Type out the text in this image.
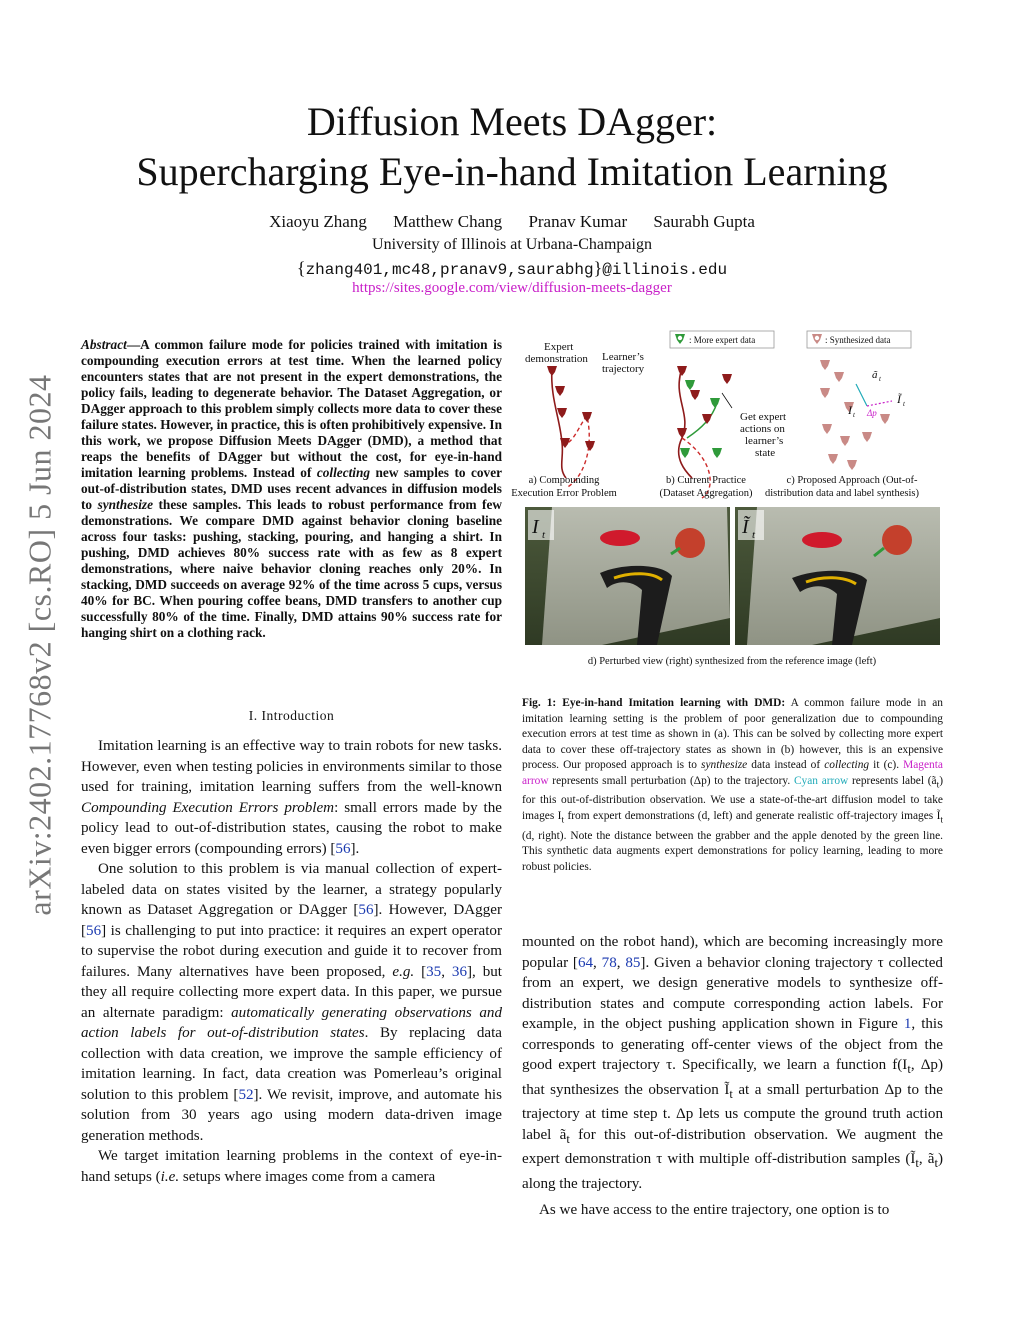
arXiv:2402.17768v2 [cs.RO] 5 Jun 2024
Diffusion Meets DAgger:
Supercharging Eye-in-hand Imitation Learning
Xiaoyu Zhang Matthew Chang Pranav Kumar Saurabh Gupta
University of Illinois at Urbana-Champaign
{zhang401,mc48,pranav9,saurabhg}@illinois.edu
https://sites.google.com/view/diffusion-meets-dagger
Abstract—A common failure mode for policies trained with imitation is compounding execution errors at test time. When the learned policy encounters states that are not present in the expert demonstrations, the policy fails, leading to degenerate behavior. The Dataset Aggregation, or DAgger approach to this problem simply collects more data to cover these failure states. However, in practice, this is often prohibitively expensive. In this work, we propose Diffusion Meets DAgger (DMD), a method that reaps the benefits of DAgger but without the cost, for eye-in-hand imitation learning problems. Instead of collecting new samples to cover out-of-distribution states, DMD uses recent advances in diffusion models to synthesize these samples. This leads to robust performance from few demonstrations. We compare DMD against behavior cloning baseline across four tasks: pushing, stacking, pouring, and hanging a shirt. In pushing, DMD achieves 80% success rate with as few as 8 expert demonstrations, where naive behavior cloning reaches only 20%. In stacking, DMD succeeds on average 92% of the time across 5 cups, versus 40% for BC. When pouring coffee beans, DMD transfers to another cup successfully 80% of the time. Finally, DMD attains 90% success rate for hanging shirt on a clothing rack.
I. Introduction

Imitation learning is an effective way to train robots for new tasks. However, even when testing policies in environments similar to those used for training, imitation learning suffers from the well-known Compounding Execution Errors problem: small errors made by the policy lead to out-of-distribution states, causing the robot to make even bigger errors (compounding errors) [56].

One solution to this problem is via manual collection of expert-labeled data on states visited by the learner, a strategy popularly known as Dataset Aggregation or DAgger [56]. However, DAgger [56] is challenging to put into practice: it requires an expert operator to supervise the robot during execution and guide it to recover from failures. Many alternatives have been proposed, e.g. [35, 36], but they all require collecting more expert data. In this paper, we pursue an alternate paradigm: automatically generating observations and action labels for out-of-distribution states. By replacing data collection with data creation, we improve the sample efficiency of imitation learning. In fact, data creation was Pomerleau’s original solution to this problem [52]. We revisit, improve, and automate his solution from 30 years ago using modern data-driven image generation methods.

We target imitation learning problems in the context of eye-in-hand setups (i.e. setups where images come from a camera

: More expert data	: Synthesized data
Expert
demonstration Learner’s
trajectory
Get expert
actions on
learner’s
state
ã t
I t
Ĩ t
Δp
a) Compounding
Execution Error Problem
b) Current Practice
(Dataset Aggregation)
c) Proposed Approach (Out-of-
distribution data and label synthesis)
I t	Ĩ t
d) Perturbed view (right) synthesized from the reference image (left)
Fig. 1: Eye-in-hand Imitation learning with DMD: A common failure mode in an imitation learning setting is the problem of poor generalization due to compounding execution errors at test time as shown in (a). This can be solved by collecting more expert data to cover these off-trajectory states as shown in (b) however, this is an expensive process. Our proposed approach is to synthesize data instead of collecting it (c). Magenta arrow represents small perturbation (Δp) to the trajectory. Cyan arrow represents label $(ã_t)$ for this out-of-distribution observation. We use a state-of-the-art diffusion model to take images $I_t$ from expert demonstrations (d, left) and generate realistic off-trajectory images $Ĩ_t$ (d, right). Note the distance between the grabber and the apple denoted by the green line. This synthetic data augments expert demonstrations for policy learning, leading to more robust policies.

mounted on the robot hand), which are becoming increasingly more popular [64, 78, 85]. Given a behavior cloning trajectory τ collected from an expert, we design generative models to synthesize off-distribution states and compute corresponding action labels. For example, in the object pushing application shown in Figure 1, this corresponds to generating off-center views of the object from the good expert trajectory τ. Specifically, we learn a function $f(I_t$, Δp) that synthesizes the observation $Ĩ_t$ at a small perturbation Δp to the trajectory at time step t. Δp lets us compute the ground truth action label $ã_t$ for this out-of-distribution observation. We augment the expert demonstration τ with multiple off-distribution samples ($Ĩ_t$, $ã_t$) along the trajectory.

As we have access to the entire trajectory, one option is to
